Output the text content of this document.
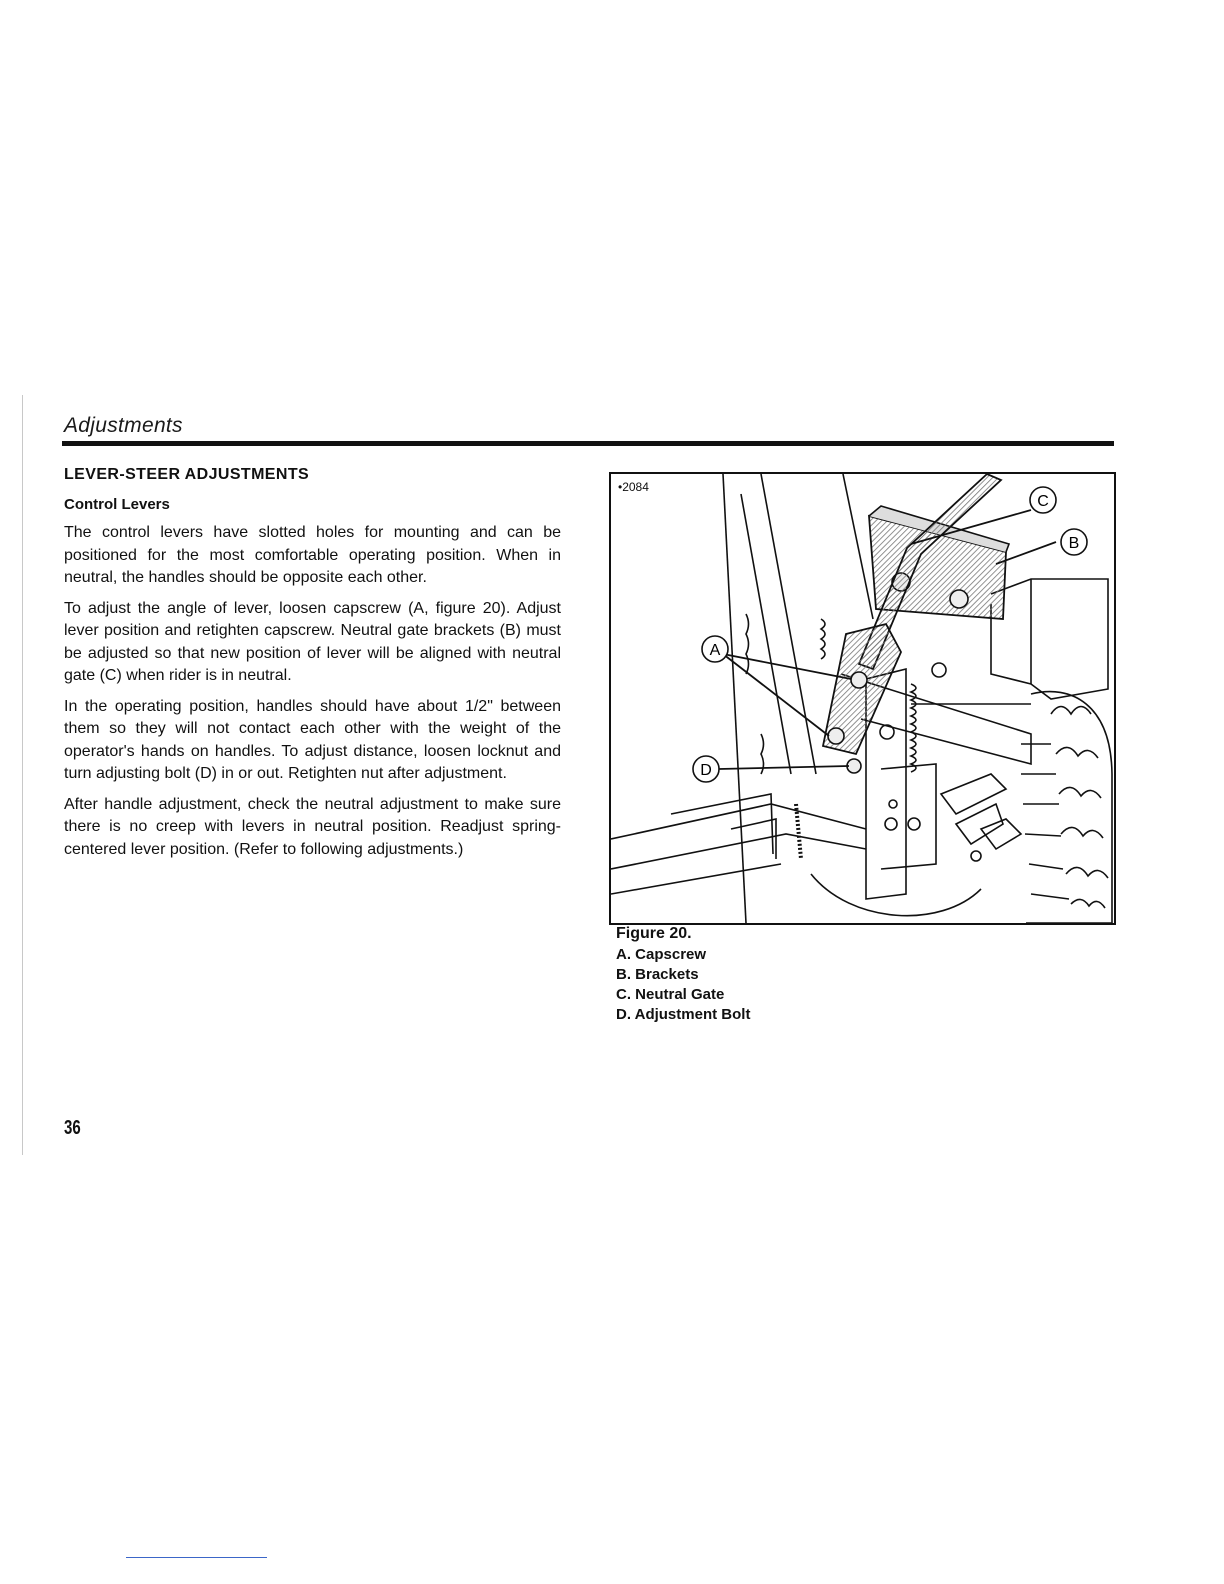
Adjustments
LEVER-STEER ADJUSTMENTS
Control Levers

The control levers have slotted holes for mounting and can be positioned for the most comfortable operating position. When in neutral, the handles should be opposite each other.

To adjust the angle of lever, loosen capscrew (A, figure 20). Adjust lever position and retighten capscrew. Neutral gate brackets (B) must be adjusted so that new position of lever will be aligned with neutral gate (C) when rider is in neutral.

In the operating position, handles should have about 1/2" between them so they will not contact each other with the weight of the operator's hands on handles. To adjust distance, loosen locknut and turn adjusting bolt (D) in or out. Retighten nut after adjustment.

After handle adjustment, check the neutral adjustment to make sure there is no creep with levers in neutral position. Readjust spring-centered lever position. (Refer to following adjustments.)

•2084
C
B
A
D
Figure 20.
A. Capscrew
B. Brackets
C. Neutral Gate
D. Adjustment Bolt
36
